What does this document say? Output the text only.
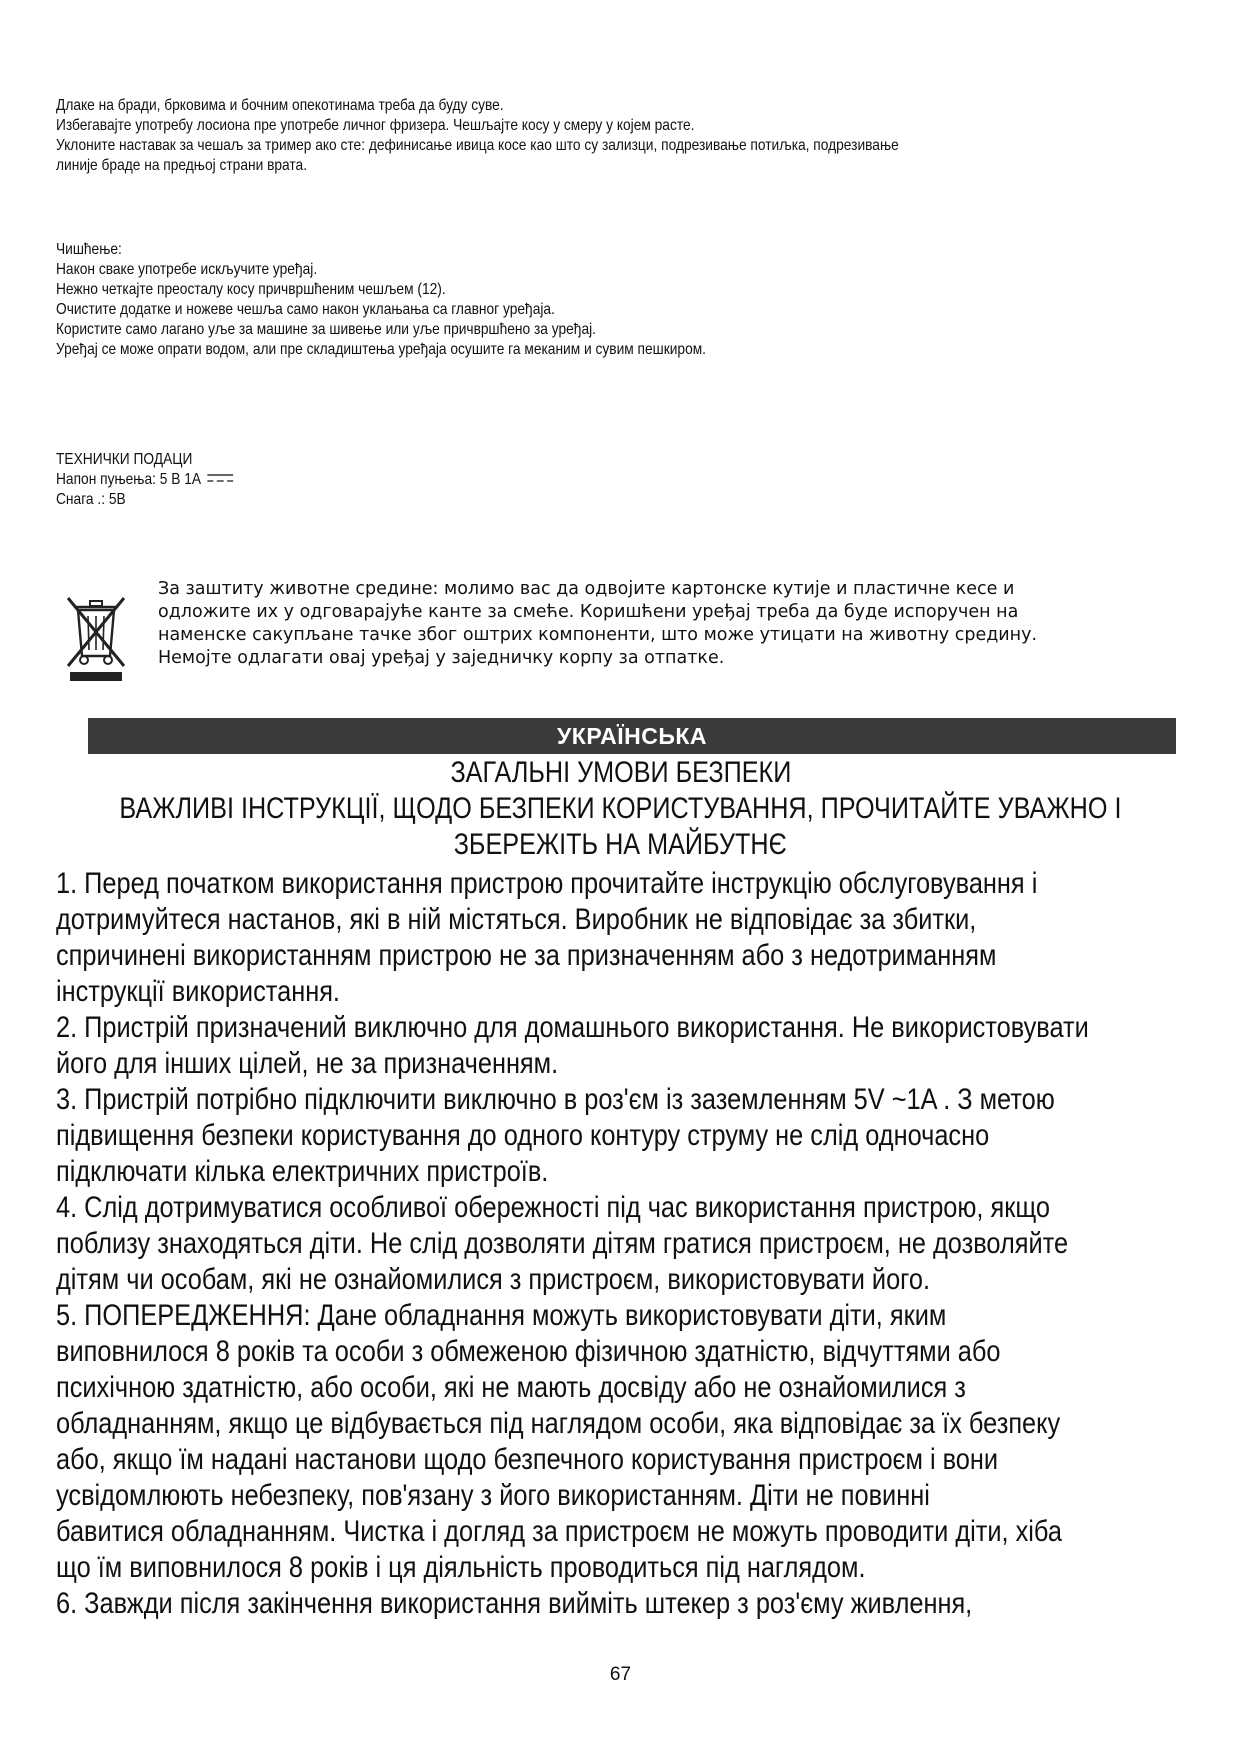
Длаке на бради, брковима и бочним опекотинама треба да буду суве.
Избегавајте употребу лосиона пре употребе личног фризера. Чешљајте косу у смеру у којем расте.
Уклоните наставак за чешаљ за тример ако сте: дефинисање ивица косе као што су зализци, подрезивање потиљка, подрезивање
линије браде на предњој страни врата.
Чишћење:
Након сваке употребе искључите уређај.
Нежно четкајте преосталу косу причвршћеним чешљем (12).
Очистите додатке и ножеве чешља само након уклањања са главног уређаја.
Користите само лагано уље за машине за шивење или уље причвршћено за уређај.
Уређај се може опрати водом, али пре складиштења уређаја осушите га меканим и сувим пешкиром.
ТЕХНИЧКИ ПОДАЦИ
Напон пуњења: 5 В 1А
Снага .: 5В
За заштиту животне средине: молимо вас да одвојите картонске кутије и пластичне кесе и
одложите их у одговарајуће канте за смеће. Коришћени уређај треба да буде испоручен на
наменске сакупљане тачке због оштрих компоненти, што може утицати на животну средину.
Немојте одлагати овај уређај у заједничку корпу за отпатке.
УКРАЇНСЬКА
ЗАГАЛЬНІ УМОВИ БЕЗПЕКИ
ВАЖЛИВІ ІНСТРУКЦІЇ, ЩОДО БЕЗПЕКИ КОРИСТУВАННЯ, ПРОЧИТАЙТЕ УВАЖНО І
ЗБЕРЕЖІТЬ НА МАЙБУТНЄ
1. Перед початком використання пристрою прочитайте інструкцію обслуговування і
дотримуйтеся настанов, які в ній містяться. Виробник не відповідає за збитки,
спричинені використанням пристрою не за призначенням або з недотриманням
інструкції використання.
2. Пристрій призначений виключно для домашнього використання. Не використовувати
його для інших цілей, не за призначенням.
3. Пристрій потрібно підключити виключно в роз'єм із заземленням 5V ~1A . З метою
підвищення безпеки користування до одного контуру струму не слід одночасно
підключати кілька електричних пристроїв.
4. Слід дотримуватися особливої обережності під час використання пристрою, якщо
поблизу знаходяться діти. Не слід дозволяти дітям гратися пристроєм, не дозволяйте
дітям чи особам, які не ознайомилися з пристроєм, використовувати його.
5. ПОПЕРЕДЖЕННЯ: Дане обладнання можуть використовувати діти, яким
виповнилося 8 років та особи з обмеженою фізичною здатністю, відчуттями або
психічною здатністю, або особи, які не мають досвіду або не ознайомилися з
обладнанням, якщо це відбувається під наглядом особи, яка відповідає за їх безпеку
або, якщо їм надані настанови щодо безпечного користування пристроєм і вони
усвідомлюють небезпеку, пов'язану з його використанням. Діти не повинні
бавитися обладнанням. Чистка і догляд за пристроєм не можуть проводити діти, хіба
що їм виповнилося 8 років і ця діяльність проводиться під наглядом.
6. Завжди після закінчення використання вийміть штекер з роз'єму живлення,
67
